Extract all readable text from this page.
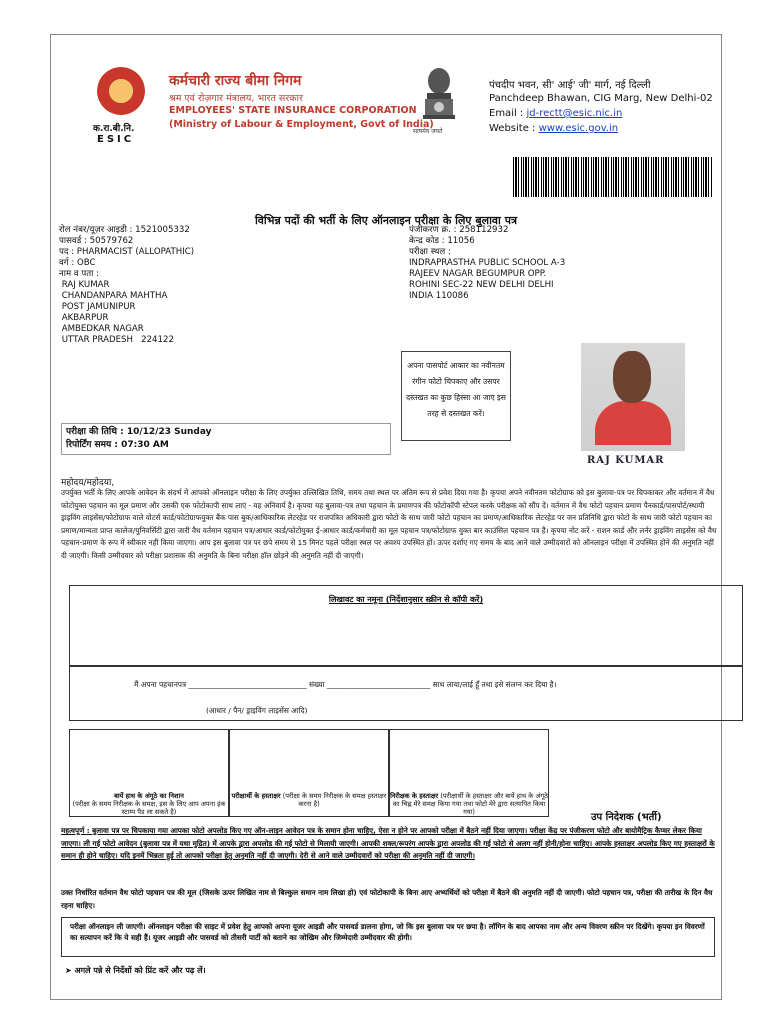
क.रा.बी.नि.
ESIC
कर्मचारी राज्य बीमा निगम
श्रम एवं रोज़गार मंत्रालय, भारत सरकार
EMPLOYEES' STATE INSURANCE CORPORATION
(Ministry of Labour & Employment, Govt of India)
सत्यमेव जयते
पंचदीप भवन, सी' आई' जी' मार्ग, नई दिल्ली
Panchdeep Bhawan, CIG Marg, New Delhi-02
Email : jd-rectt@esic.nic.in
Website : www.esic.gov.in
विभिन्न पदों की भर्ती के लिए ऑनलाइन परीक्षा के लिए बुलावा पत्र
रोल नंबर/यूज़र आइडी : 1521005332
पासवर्ड : 50579762
पद : PHARMACIST (ALLOPATHIC)
वर्ग : OBC
नाम व पता :
RAJ KUMAR
CHANDANPARA MAHTHA
POST JAMUNIPUR
AKBARPUR
AMBEDKAR NAGAR
UTTAR PRADESH   224122
पंजीकरण क्र. : 258112932
केन्द्र कोड : 11056
परीक्षा स्थल :
INDRAPRASTHA PUBLIC SCHOOL A-3
RAJEEV NAGAR BEGUMPUR OPP.
ROHINI SEC-22 NEW DELHI DELHI
INDIA 110086
अपना पासपोर्ट आकार का नवीनतम रंगीन फोटो चिपकाए और उसपर दस्तखत का कुछ हिस्सा आ जाए इस तरह से दस्तखत करें।
RAJ KUMAR
परीक्षा की तिथि : 10/12/23 Sunday
रिपोर्टिंग समय : 07:30 AM
महोदय/महोदया,
उपर्युक्त भर्ती के लिए आपके आवेदन के संदर्भ में आपको ऑनलाइन परीक्षा के लिए उपर्युक्त उल्लिखित तिथि, समय तथा स्थल पर अंतिम रूप से प्रवेश दिया गया है। कृपया अपने नवीनतम फोटोग्राफ को इस बुलावा-पत्र पर चिपकाकर और वर्तमान में वैध फोटोयुक्त पहचान का मूल प्रमाण और उसकी एक फोटोकापी साथ लाएं - यह अनिवार्य है। कृपया यह बुलावा-पत्र तथा पहचान के प्रमाणपत्र की फोटोकॉपी स्टेपल करके परीक्षक को सौंप दें। वर्तमान में वैध फोटो पहचान प्रमाण पैनकार्ड/पासपोर्ट/स्थायी ड्राइविंग लाइसेंस/फोटोग्राफ वाले वोटर्स कार्ड/फोटोग्राफयुक्त बैंक पास बुक/आधिकारिक लेटरहेड पर राजपत्रित अधिकारी द्वारा फोटो के साथ जारी फोटो पहचान का प्रमाण/आधिकारिक लेटरहेड पर जन प्रतिनिधि द्वारा फोटो के साथ जारी फोटो पहचान का प्रमाण/मान्यता प्राप्त कालेज/युनिवर्सिटी द्वारा जारी वैध वर्तमान पहचान पत्र/आधार कार्ड/फोटोयुक्त ई-आधार कार्ड/कर्मचारी का मूल पहचान पत्र/फोटोग्राफ युक्त बार काउंसिल पहचान पत्र हैं। कृपया नोट करें - राशन कार्ड और लर्नर ड्राइविंग लाइसेंस को वैध पहचान-प्रमाण के रूप में स्वीकार नहीं किया जाएगा। आप इस बुलावा पत्र पर छपे समय से 15 मिनट पहले परीक्षा स्थल पर अवश्य उपस्थित हों। ऊपर दर्शाए गए समय के बाद आने वाले उम्मीदवारों को ऑनलाइन परीक्षा में उपस्थित होने की अनुमति नहीं दी जाएगी। किसी उम्मीदवार को परीक्षा प्रशासक की अनुमति के बिना परीक्षा हॉल छोड़ने की अनुमति नहीं दी जाएगी।
लिखावट का नमूना (निर्देशानुसार स्क्रीन से कॉपी करें)
मैं अपना पहचानपत्र ________________________________ संख्या ____________________________ साथ लाया/लाई हूँ तथा इसे संलग्न कर दिया है।
(आधार / पैन/ ड्राइविंग लाइसेंस आदि)
बायें हाथ के अंगूठे का निशान
(परीक्षा के समय निरीक्षक के समक्ष, इस के लिए आप अपना इंक स्टाम्प पैड ला सकते है)
परीक्षार्थी के हस्ताक्षर (परीक्षा के समय निरीक्षक के समक्ष हस्ताक्षर करना है)
निरीक्षक के हस्ताक्षर (परीक्षार्थी के हस्ताक्षर और बायें हाथ के अंगूठे का चिह्न मेरे समक्ष किया गया तथा फोटो मेरे द्वारा सत्यापित किया गया)	उप निदेशक (भर्ती)
महत्वपूर्ण : बुलावा पत्र पर चिपकाया गया आपका फोटो अपलोड किए गए ऑन-लाइन आवेदन पत्र के समान होना चाहिए, ऐसा न होने पर आपको परीक्षा में बैठने नहीं दिया जाएगा। परीक्षा केंद्र पर पंजीकरण फोटो और बायोमैट्रिक कैप्चर लेकर किया जाएगा। ली गई फोटो आवेदन (बुलावा पत्र में यथा मुद्रित) में आपके द्वारा अपलोड की गई फोटो से मिलायी जाएगी। आपकी शक्ल/रूपरंग आपके द्वारा अपलोड की गई फोटो से अलग नहीं होनी/होना चाहिए। आपके हस्ताक्षर अपलोड किए गए हस्ताक्षरों के समान ही होने चाहिए। यदि इनमें भिन्नता हुई तो आपको परीक्षा हेतु अनुमति नहीं दी जाएगी। देरी से आने वाले उम्मीदवारों को परीक्षा की अनुमति नहीं दी जाएगी।
उक्त निर्धारित वर्तमान वैध फोटो पहचान पत्र की मूल (जिसके ऊपर लिखित नाम से बिल्कुल समान नाम लिखा हो) एवं फोटोकापी के बिना आए अभ्यर्थियों को परीक्षा में बैठने की अनुमति नहीं दी जाएगी। फोटो पहचान पत्र, परीक्षा की तारीख के दिन वैध रहना चाहिए।
परीक्षा ऑनलाइन ली जाएगी। ऑनलाइन परीक्षा की साइट में प्रवेश हेतु आपको अपना यूजर आइडी और पासवर्ड डालना होगा, जो कि इस बुलावा पत्र पर छपा है। लॉगिन के बाद आपका नाम और अन्य विवरण स्क्रीन पर दिखेंगे। कृपया इन विवरणों का सत्यापन करें कि ये सही हैं। यूजर आइडी और पासवर्ड को तीसरी पार्टी को बताने का जोखिम और जिम्मेदारी उम्मीदवार की होगी।
➤ अगले पन्ने से निर्देशों को प्रिंट करें और पढ़ लें।
